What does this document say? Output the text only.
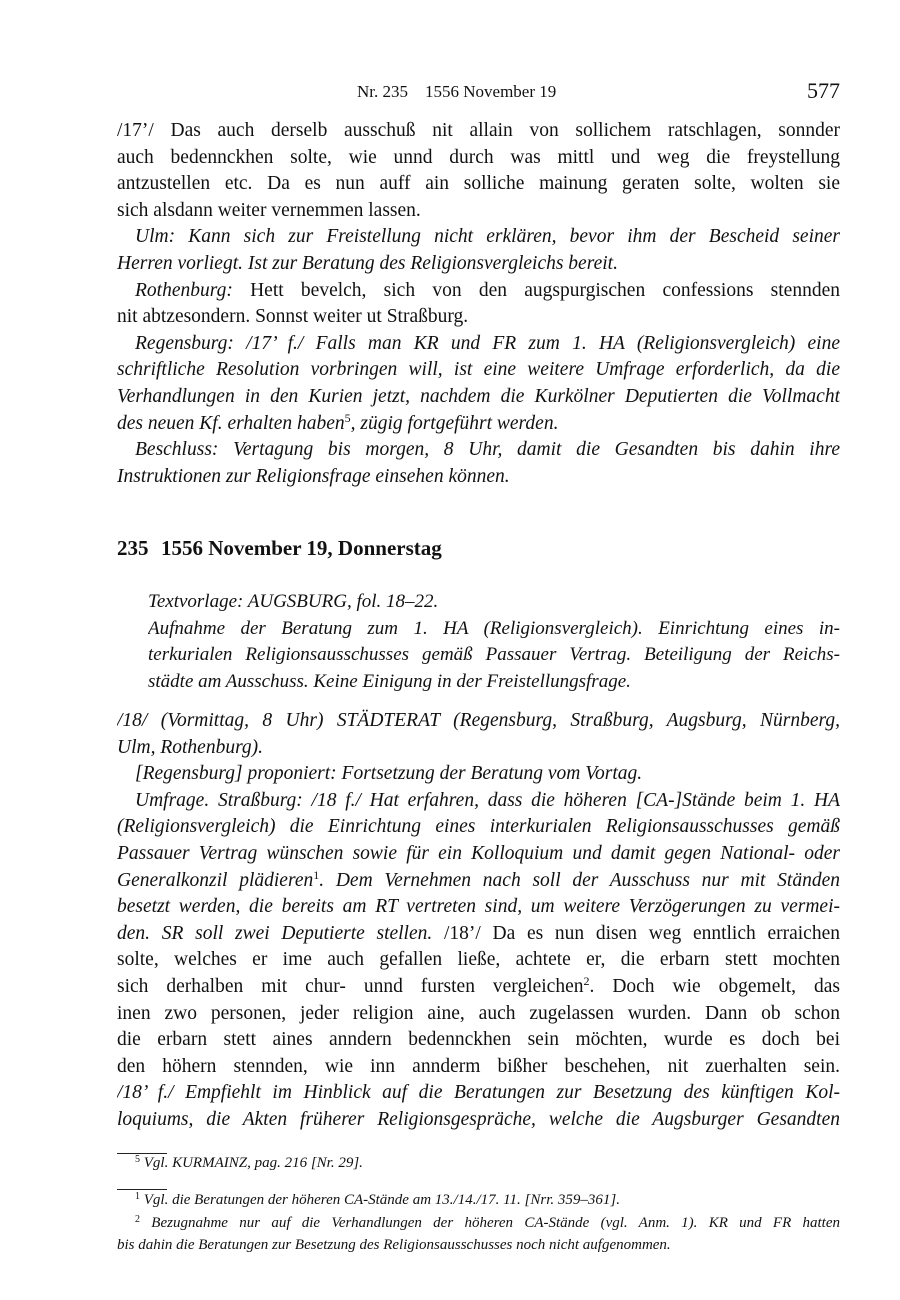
Nr. 235    1556 November 19	577
/17’/ Das auch derselb ausschuß nit allain von sollichem ratschlagen, sonnder
auch bedennckhen solte, wie unnd durch was mittl und weg die freystellung
antzustellen etc. Da es nun auff ain solliche mainung geraten solte, wolten sie
sich alsdann weiter vernemmen lassen.
Ulm: Kann sich zur Freistellung nicht erklären, bevor ihm der Bescheid seiner
Herren vorliegt. Ist zur Beratung des Religionsvergleichs bereit.
Rothenburg: Hett bevelch, sich von den augspurgischen confessions stennden
nit abtzesondern. Sonnst weiter ut Straßburg.
Regensburg: /17’ f./ Falls man KR und FR zum 1. HA (Religionsvergleich) eine
schriftliche Resolution vorbringen will, ist eine weitere Umfrage erforderlich, da die
Verhandlungen in den Kurien jetzt, nachdem die Kurkölner Deputierten die Vollmacht
des neuen Kf. erhalten haben$^5$, zügig fortgeführt werden.
Beschluss: Vertagung bis morgen, 8 Uhr, damit die Gesandten bis dahin ihre
Instruktionen zur Religionsfrage einsehen können.
235 1556 November 19, Donnerstag
Textvorlage: AUGSBURG, fol. 18–22.
Aufnahme der Beratung zum 1. HA (Religionsvergleich). Einrichtung eines in-
terkurialen Religionsausschusses gemäß Passauer Vertrag. Beteiligung der Reichs-
städte am Ausschuss. Keine Einigung in der Freistellungsfrage.
/18/ (Vormittag, 8 Uhr) STÄDTERAT (Regensburg, Straßburg, Augsburg, Nürnberg,
Ulm, Rothenburg).
[Regensburg] proponiert: Fortsetzung der Beratung vom Vortag.
Umfrage. Straßburg: /18 f./ Hat erfahren, dass die höheren [CA-]Stände beim 1. HA
(Religionsvergleich) die Einrichtung eines interkurialen Religionsausschusses gemäß
Passauer Vertrag wünschen sowie für ein Kolloquium und damit gegen National- oder
Generalkonzil plädieren$^1$. Dem Vernehmen nach soll der Ausschuss nur mit Ständen
besetzt werden, die bereits am RT vertreten sind, um weitere Verzögerungen zu vermei-
den. SR soll zwei Deputierte stellen. /18’/ Da es nun disen weg enntlich erraichen
solte, welches er ime auch gefallen ließe, achtete er, die erbarn stett mochten
sich derhalben mit chur- unnd fursten vergleichen$^2$. Doch wie obgemelt, das
inen zwo personen, jeder religion aine, auch zugelassen wurden. Dann ob schon
die erbarn stett aines anndern bedennckhen sein möchten, wurde es doch bei
den höhern stennden, wie inn annderm bißher beschehen, nit zuerhalten sein.
/18’ f./ Empfiehlt im Hinblick auf die Beratungen zur Besetzung des künftigen Kol-
loquiums, die Akten früherer Religionsgespräche, welche die Augsburger Gesandten
$^5$ Vgl. KURMAINZ, pag. 216 [Nr. 29].
$^1$ Vgl. die Beratungen der höheren CA-Stände am 13./14./17. 11. [Nrr. 359–361].
$^2$ Bezugnahme nur auf die Verhandlungen der höheren CA-Stände (vgl. Anm. 1). KR und FR hatten
bis dahin die Beratungen zur Besetzung des Religionsausschusses noch nicht aufgenommen.
